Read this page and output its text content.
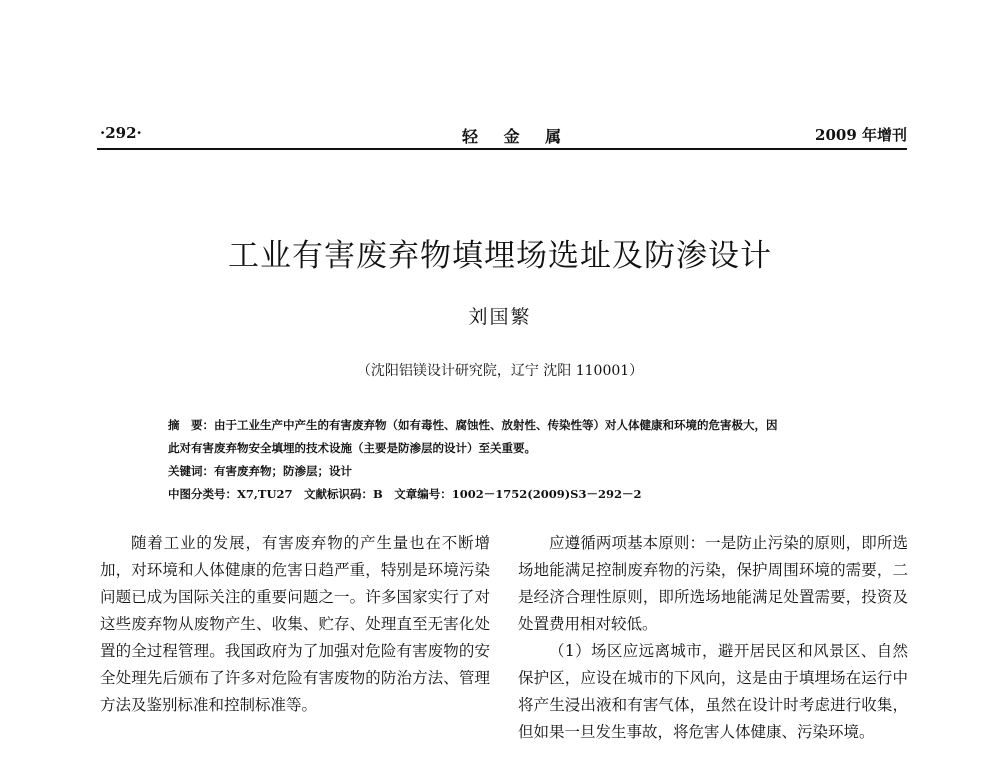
·292·	轻 金 属	2009 年增刊
工业有害废弃物填埋场选址及防渗设计
刘国繁
（沈阳铝镁设计研究院，辽宁 沈阳 110001）
摘　要：由于工业生产中产生的有害废弃物（如有毒性、腐蚀性、放射性、传染性等）对人体健康和环境的危害极大，因
此对有害废弃物安全填埋的技术设施（主要是防渗层的设计）至关重要。
关键词：有害废弃物；防渗层；设计
中图分类号：X7,TU27　文献标识码：B　文章编号：1002－1752(2009)S3－292－2

随着工业的发展，有害废弃物的产生量也在不断增加，对环境和人体健康的危害日趋严重，特别是环境污染问题已成为国际关注的重要问题之一。许多国家实行了对这些废弃物从废物产生、收集、贮存、处理直至无害化处置的全过程管理。我国政府为了加强对危险有害废物的安全处理先后颁布了许多对危险有害废物的防治方法、管理方法及鉴别标准和控制标准等。

应遵循两项基本原则：一是防止污染的原则，即所选场地能满足控制废弃物的污染，保护周围环境的需要，二是经济合理性原则，即所选场地能满足处置需要，投资及处置费用相对较低。

（1）场区应远离城市，避开居民区和风景区、自然保护区，应设在城市的下风向，这是由于填埋场在运行中将产生浸出液和有害气体，虽然在设计时考虑进行收集，但如果一旦发生事故，将危害人体健康、污染环境。
